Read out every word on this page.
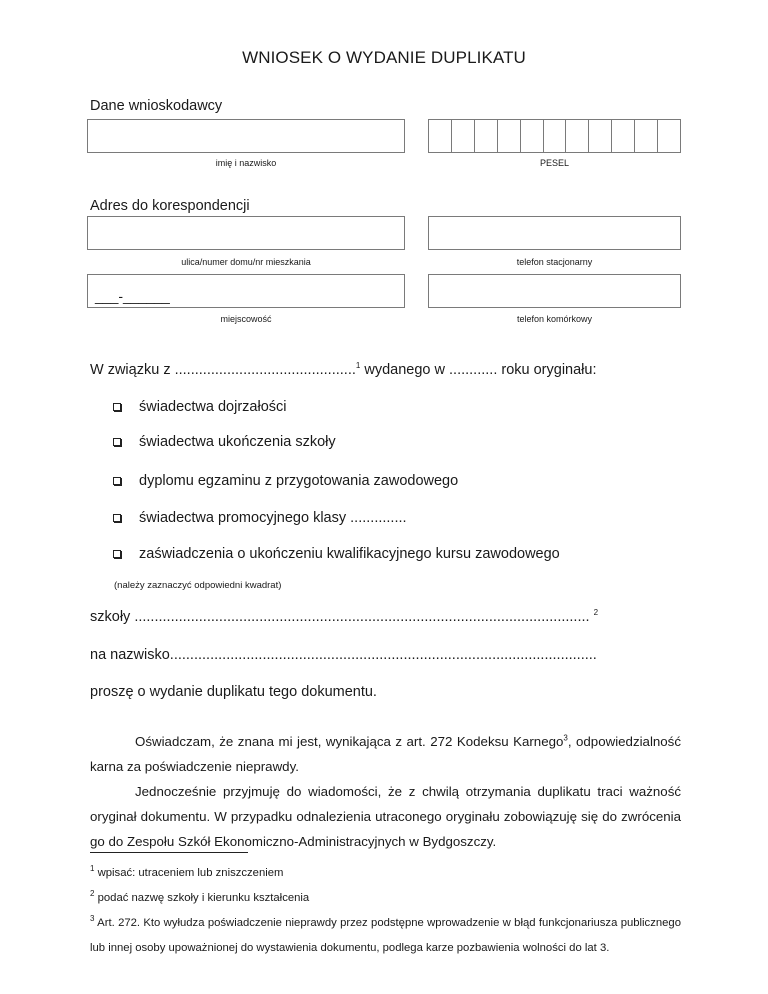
WNIOSEK O WYDANIE DUPLIKATU
Dane wnioskodawcy
imię i nazwisko	PESEL
Adres do korespondencji
ulica/numer domu/nr mieszkania	telefon stacjonarny
___-______
miejscowość	telefon komórkowy
W związku z .............................................$^1$ wydanego w ............ roku oryginału:
świadectwa dojrzałości
świadectwa ukończenia szkoły
dyplomu egzaminu z przygotowania zawodowego
świadectwa promocyjnego klasy ..............
zaświadczenia o ukończeniu kwalifikacyjnego kursu zawodowego
(należy zaznaczyć odpowiedni kwadrat)
szkoły ................................................................................................................. $^2$
na nazwisko..........................................................................................................
proszę o wydanie duplikatu tego dokumentu.
Oświadczam, że znana mi jest, wynikająca z art. 272 Kodeksu Karnego$^3$, odpowiedzialność karna za poświadczenie nieprawdy.
Jednocześnie przyjmuję do wiadomości, że z chwilą otrzymania duplikatu traci ważność oryginał dokumentu. W przypadku odnalezienia utraconego oryginału zobowiązuję się do zwrócenia go do Zespołu Szkół Ekonomiczno-Administracyjnych w Bydgoszczy.
$^1$ wpisać: utraceniem lub zniszczeniem
$^2$ podać nazwę szkoły i kierunku kształcenia
$^3$ Art. 272. Kto wyłudza poświadczenie nieprawdy przez podstępne wprowadzenie w błąd funkcjonariusza publicznego lub innej osoby upoważnionej do wystawienia dokumentu, podlega karze pozbawienia wolności do lat 3.
